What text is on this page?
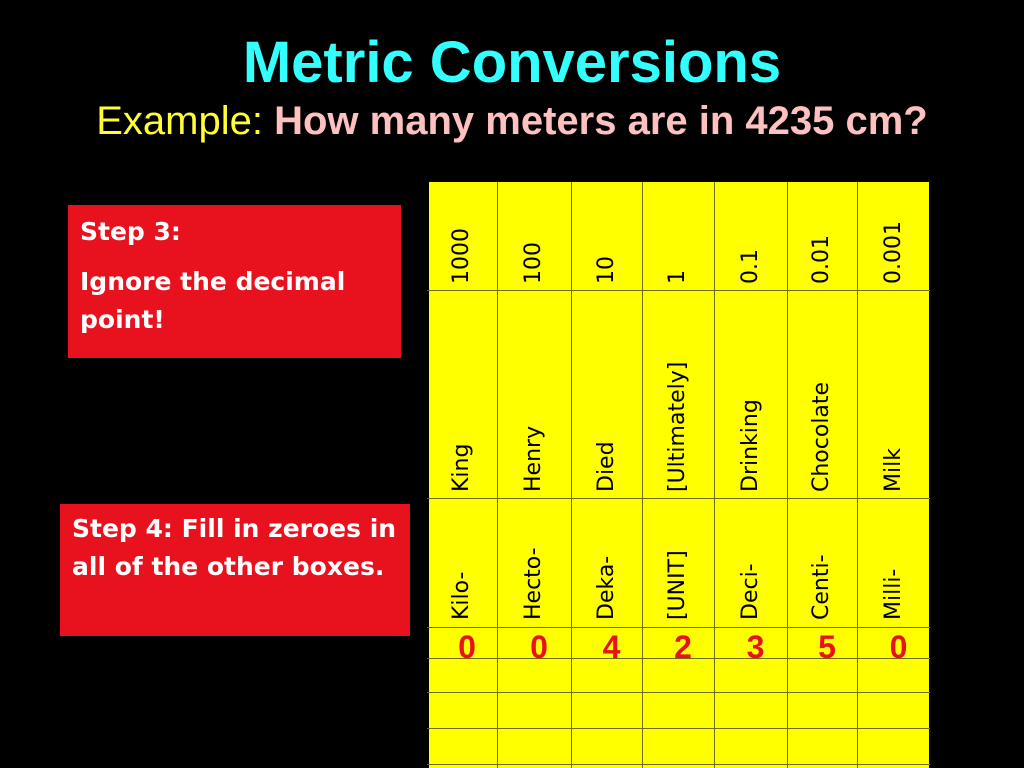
Metric Conversions

Example: How many meters are in 4235 cm?

Step 3:
Ignore the decimal point!
Step 4: Fill in zeroes in all of the other boxes.
1000
King
Kilo-
0
100
Henry
Hecto-
0
10
Died
Deka-
4
1
[Ultimately]
[UNIT]
2
0.1
Drinking
Deci-
3
0.01
Chocolate
Centi-
5
0.001
Milk
Milli-
0
